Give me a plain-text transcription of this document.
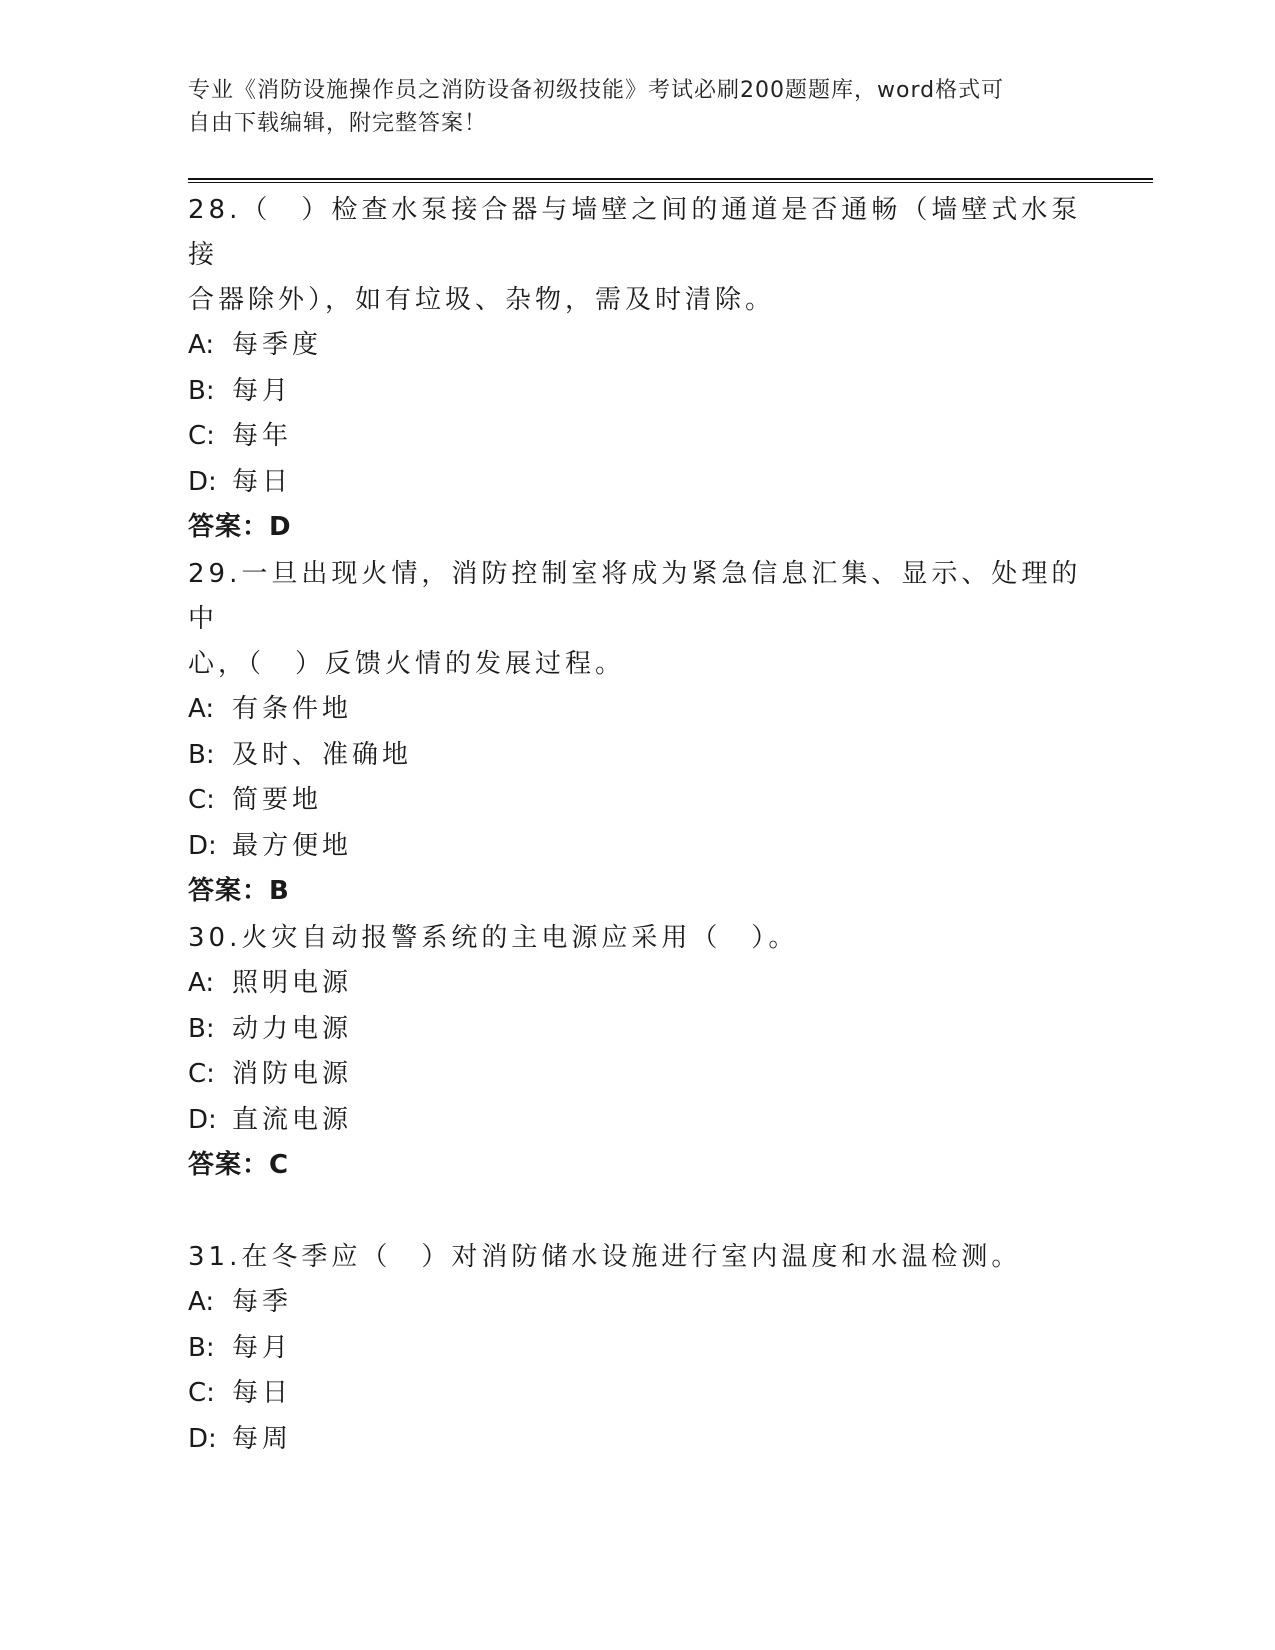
专业《消防设施操作员之消防设备初级技能》考试必刷200题题库，word格式可

自由下载编辑，附完整答案！

28.（　）检查水泵接合器与墙壁之间的通道是否通畅（墙壁式水泵接

合器除外），如有垃圾、杂物，需及时清除。

A: 每季度

B: 每月

C: 每年

D: 每日

答案：D

29.一旦出现火情，消防控制室将成为紧急信息汇集、显示、处理的中

心，（　）反馈火情的发展过程。

A: 有条件地

B: 及时、准确地

C: 简要地

D: 最方便地

答案：B

30.火灾自动报警系统的主电源应采用（　）。

A: 照明电源

B: 动力电源

C: 消防电源

D: 直流电源

答案：C

31.在冬季应（　）对消防储水设施进行室内温度和水温检测。

A: 每季

B: 每月

C: 每日

D: 每周
